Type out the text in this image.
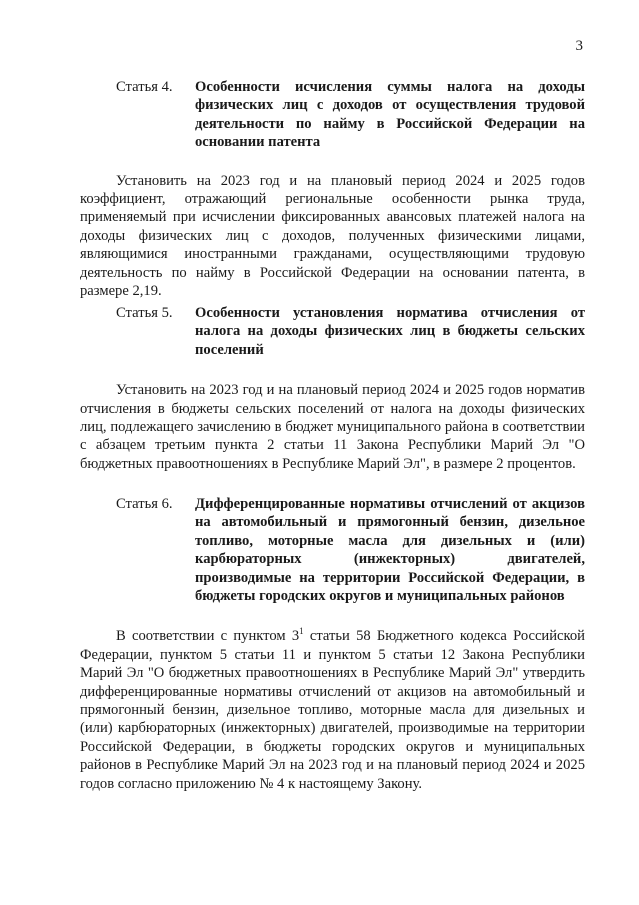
3
Статья 4.	Особенности исчисления суммы налога на доходы физических лиц с доходов от осуществления трудовой деятельности по найму в Российской Федерации на основании патента

Установить на 2023 год и на плановый период 2024 и 2025 годов коэффициент, отражающий региональные особенности рынка труда, применяемый при исчислении фиксированных авансовых платежей налога на доходы физических лиц с доходов, полученных физическими лицами, являющимися иностранными гражданами, осуществляющими трудовую деятельность по найму в Российской Федерации на основании патента, в размере 2,19.

Статья 5.	Особенности установления норматива отчисления от налога на доходы физических лиц в бюджеты сельских поселений

Установить на 2023 год и на плановый период 2024 и 2025 годов норматив отчисления в бюджеты сельских поселений от налога на доходы физических лиц, подлежащего зачислению в бюджет муниципального района в соответствии с абзацем третьим пункта 2 статьи 11 Закона Республики Марий Эл "О бюджетных правоотношениях в Республике Марий Эл", в размере 2 процентов.

Статья 6.	Дифференцированные нормативы отчислений от акцизов на автомобильный и прямогонный бензин, дизельное топливо, моторные масла для дизельных и (или) карбюраторных (инжекторных) двигателей, производимые на территории Российской Федерации, в бюджеты городских округов и муниципальных районов

В соответствии с пунктом $3^1$ статьи 58 Бюджетного кодекса Российской Федерации, пунктом 5 статьи 11 и пунктом 5 статьи 12 Закона Республики Марий Эл "О бюджетных правоотношениях в Республике Марий Эл" утвердить дифференцированные нормативы отчислений от акцизов на автомобильный и прямогонный бензин, дизельное топливо, моторные масла для дизельных и (или) карбюраторных (инжекторных) двигателей, производимые на территории Российской Федерации, в бюджеты городских округов и муниципальных районов в Республике Марий Эл на 2023 год и на плановый период 2024 и 2025 годов согласно приложению № 4 к настоящему Закону.
